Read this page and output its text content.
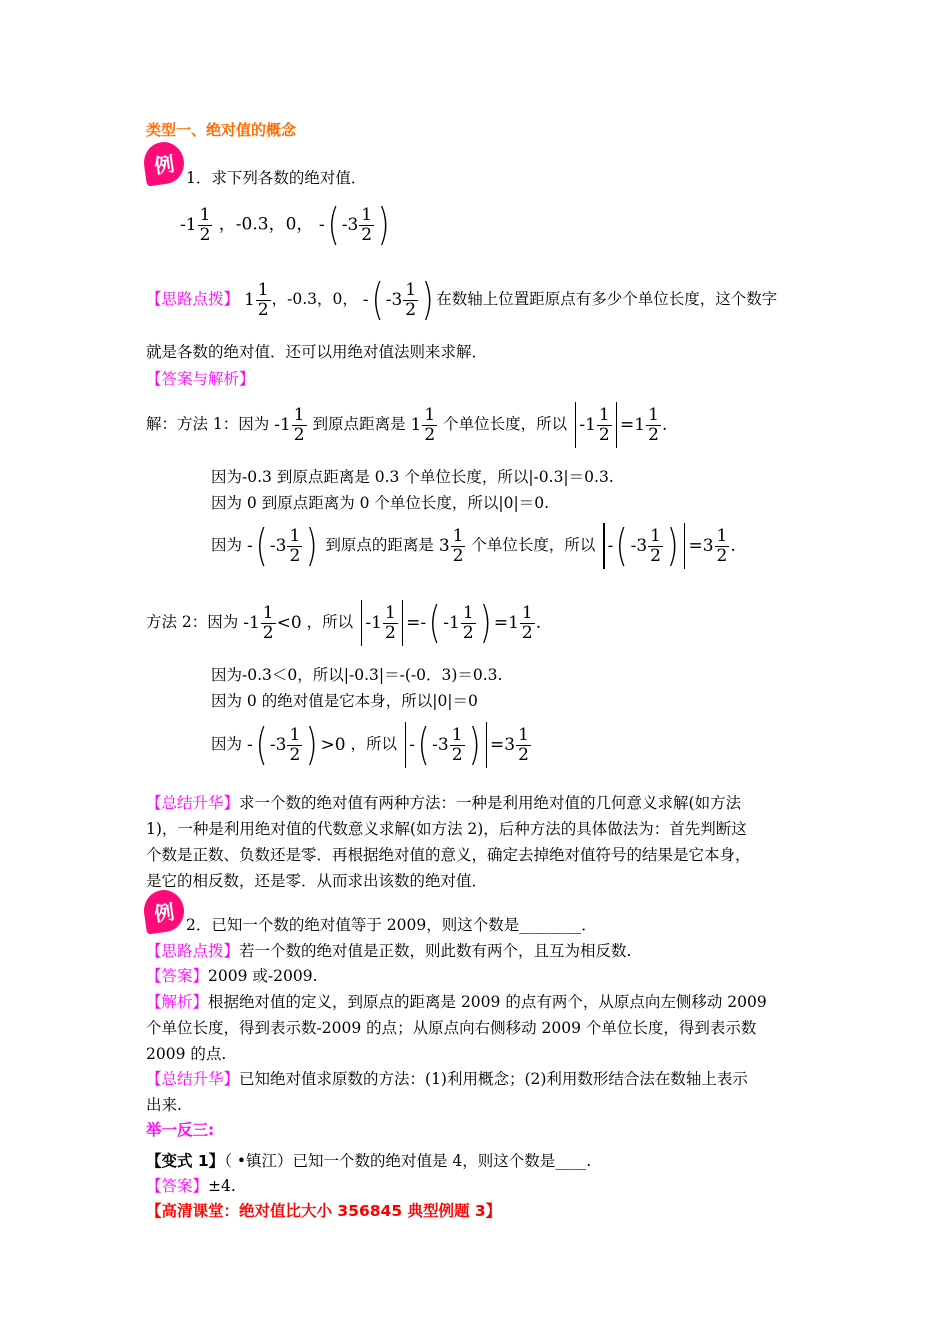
类型一、绝对值的概念
例
1．求下列各数的绝对值．
$-1 \frac{1}{2}$ ，-0.3，0， - ( $-3 \frac{1}{2}$ )
【思路点拨】 $1 \frac{1}{2}$ ，-0.3，0， - ( $-3 \frac{1}{2}$ ) 在数轴上位置距原点有多少个单位长度，这个数字
就是各数的绝对值．还可以用绝对值法则来求解．
【答案与解析】
解：方法 1：因为 $-1 \frac{1}{2}$ 到原点距离是 $1 \frac{1}{2}$ 个单位长度，所以 $-1 \frac{1}{2} = 1 \frac{1}{2}$ .
因为-0.3 到原点距离是 0.3 个单位长度，所以|-0.3|＝0.3.
因为 0 到原点距离为 0 个单位长度，所以|0|＝0.
因为 - ( $-3 \frac{1}{2}$ ) 到原点的距离是 $3 \frac{1}{2}$ 个单位长度，所以 - ( $-3 \frac{1}{2}$ ) = $3 \frac{1}{2}$ .
方法 2：因为 $-1 \frac{1}{2} < 0$ ，所以 $-1 \frac{1}{2}$ = - ( $-1 \frac{1}{2}$ ) = $1 \frac{1}{2}$ .
因为-0.3＜0，所以|-0.3|＝-(-0．3)＝0.3.
因为 0 的绝对值是它本身，所以|0|＝0
因为 - ( $-3 \frac{1}{2}$ ) > 0 ，所以 - ( $-3 \frac{1}{2}$ ) = $3 \frac{1}{2}$
【总结升华】求一个数的绝对值有两种方法：一种是利用绝对值的几何意义求解(如方法
1)，一种是利用绝对值的代数意义求解(如方法 2)，后种方法的具体做法为：首先判断这
个数是正数、负数还是零．再根据绝对值的意义，确定去掉绝对值符号的结果是它本身，
是它的相反数，还是零．从而求出该数的绝对值．
例 2．已知一个数的绝对值等于 2009，则这个数是________．
【思路点拨】若一个数的绝对值是正数，则此数有两个，且互为相反数.
【答案】2009 或-2009.
【解析】根据绝对值的定义，到原点的距离是 2009 的点有两个，从原点向左侧移动 2009
个单位长度，得到表示数-2009 的点；从原点向右侧移动 2009 个单位长度，得到表示数
2009 的点.
【总结升华】已知绝对值求原数的方法：(1)利用概念；(2)利用数形结合法在数轴上表示
出来.
举一反三:
【变式 1】（ •镇江）已知一个数的绝对值是 4，则这个数是____.
【答案】±4.
【高清课堂：绝对值比大小 356845 典型例题 3】
